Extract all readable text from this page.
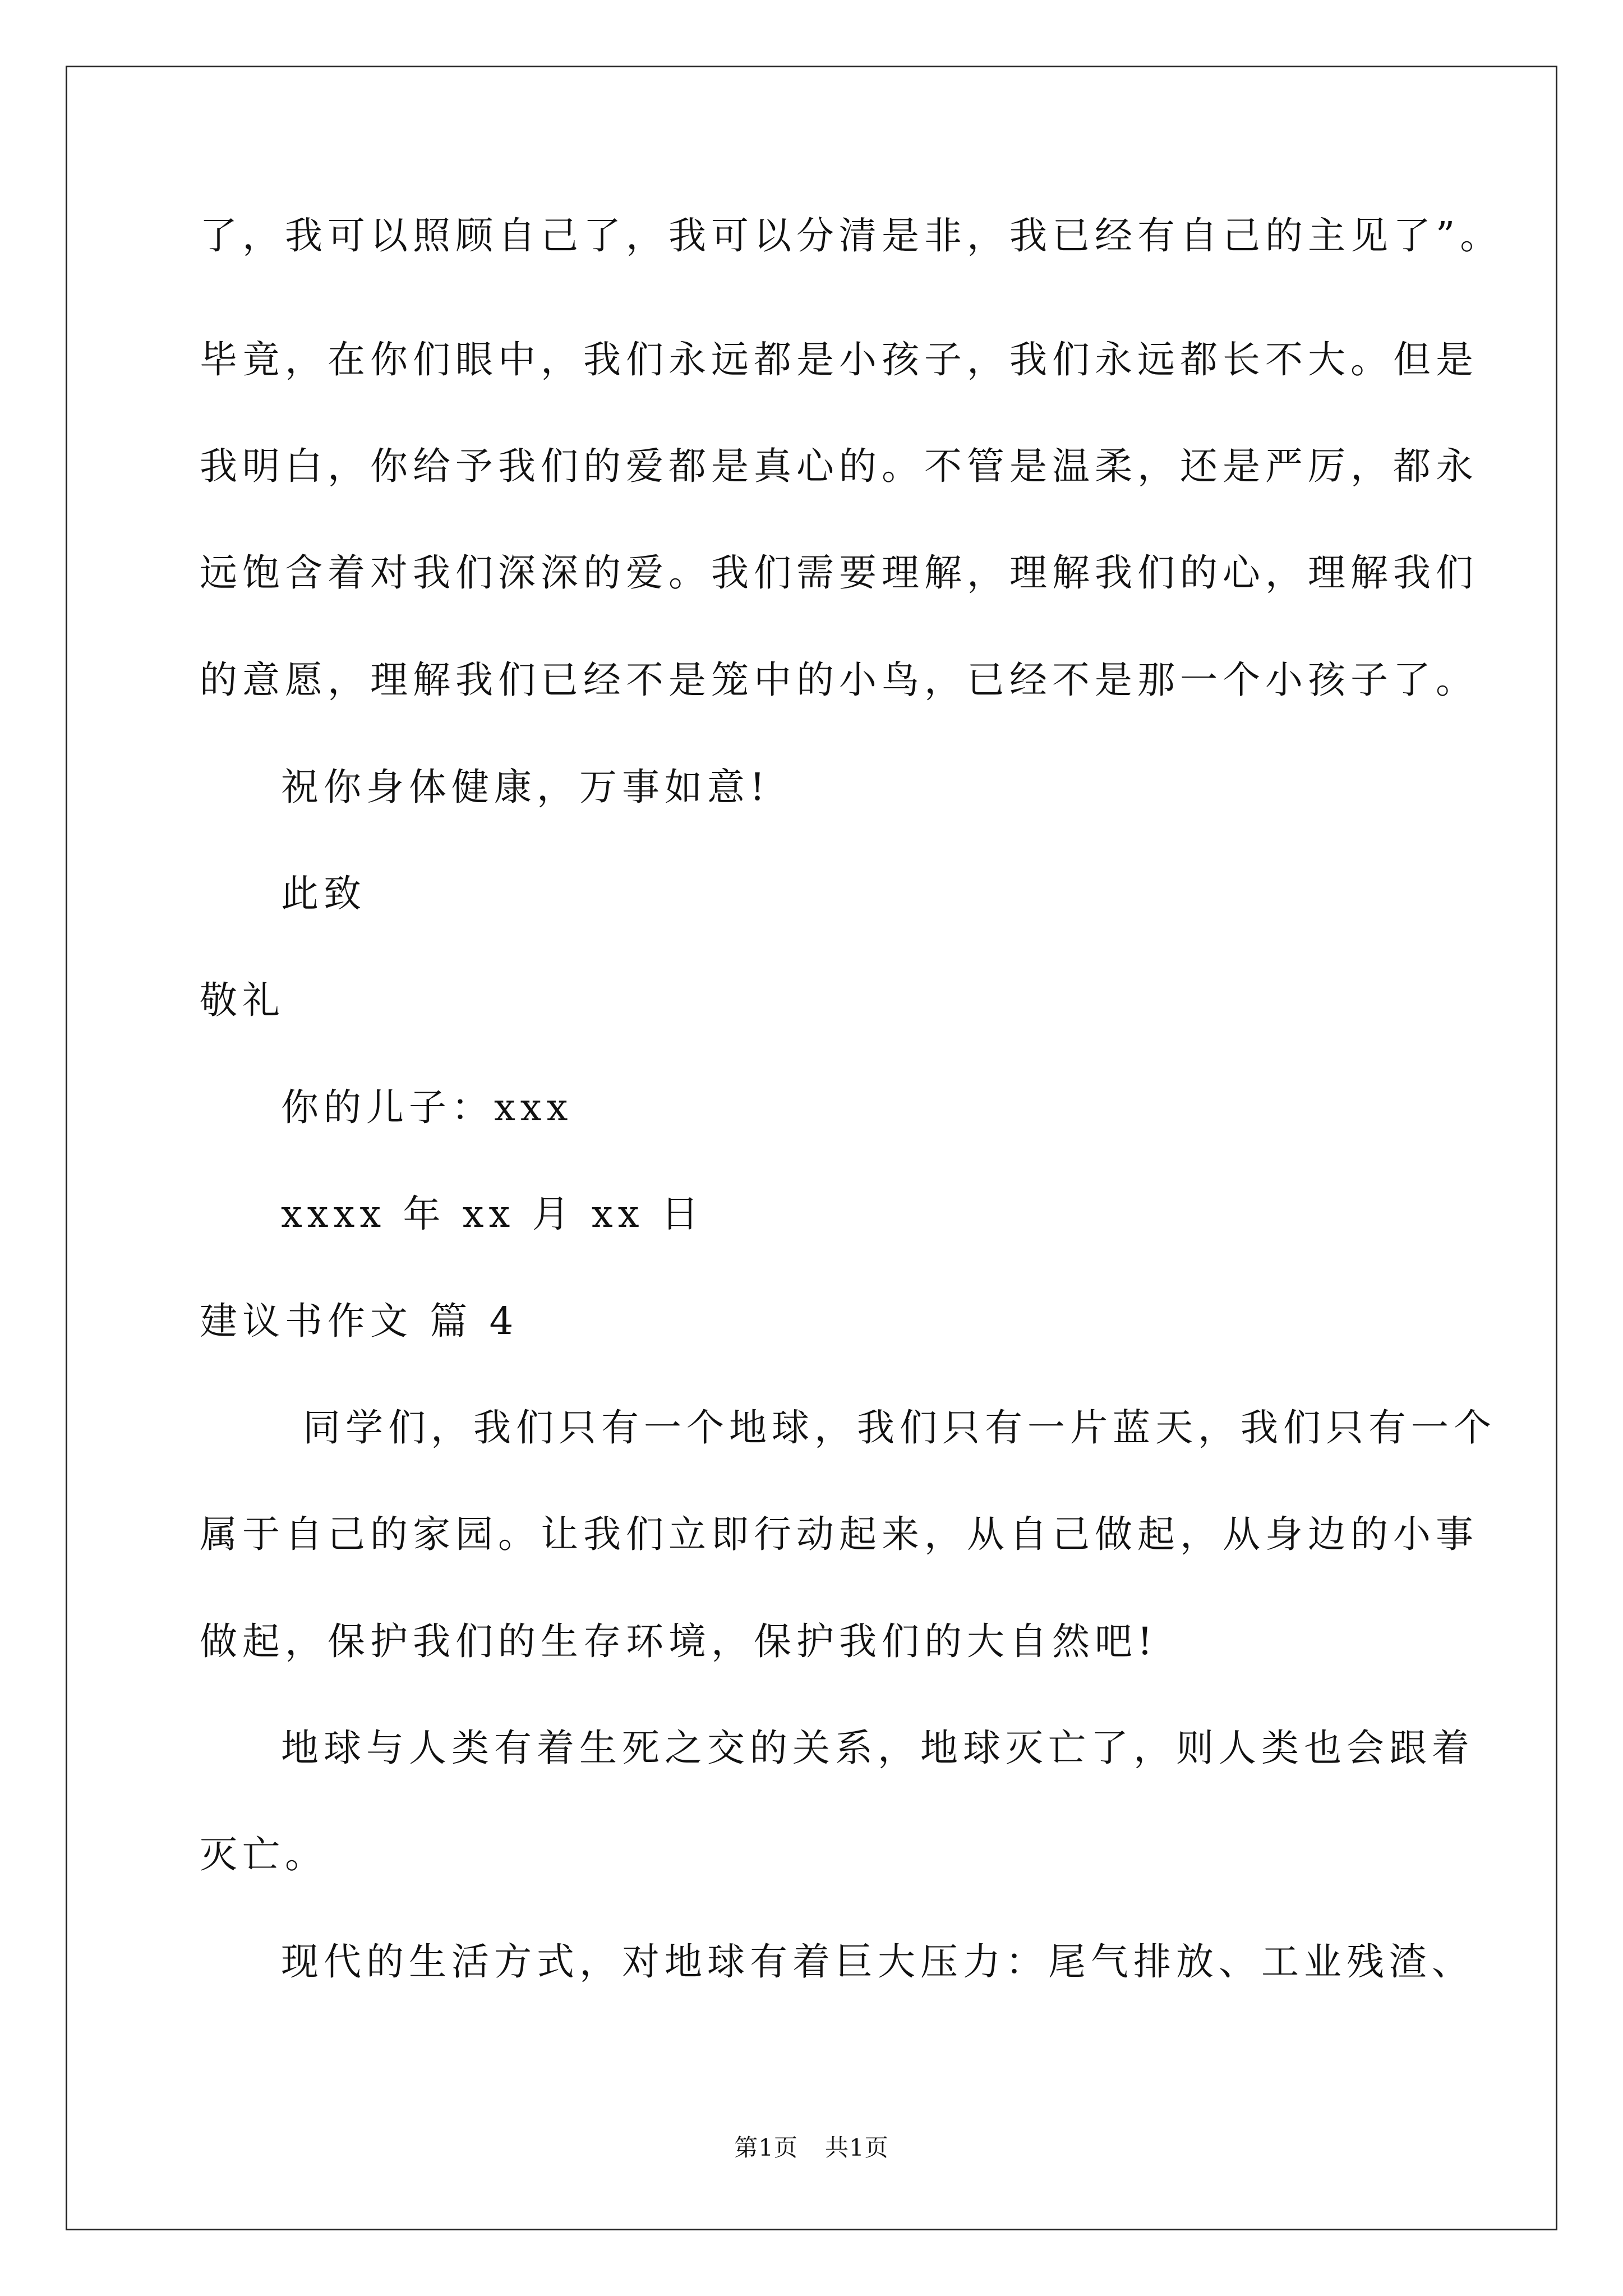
了，我可以照顾自己了，我可以分清是非，我已经有自己的主见了”。
毕竟，在你们眼中，我们永远都是小孩子，我们永远都长不大。但是
我明白，你给予我们的爱都是真心的。不管是温柔，还是严厉，都永
远饱含着对我们深深的爱。我们需要理解，理解我们的心，理解我们
的意愿，理解我们已经不是笼中的小鸟，已经不是那一个小孩子了。
祝你身体健康，万事如意!
此致
敬礼
你的儿子：xxx
xxxx 年 xx 月 xx 日
建议书作文 篇 4
同学们，我们只有一个地球，我们只有一片蓝天，我们只有一个
属于自己的家园。让我们立即行动起来，从自己做起，从身边的小事
做起，保护我们的生存环境，保护我们的大自然吧!
地球与人类有着生死之交的关系，地球灭亡了，则人类也会跟着
灭亡。
现代的生活方式，对地球有着巨大压力：尾气排放、工业残渣、
第1页 共1页
